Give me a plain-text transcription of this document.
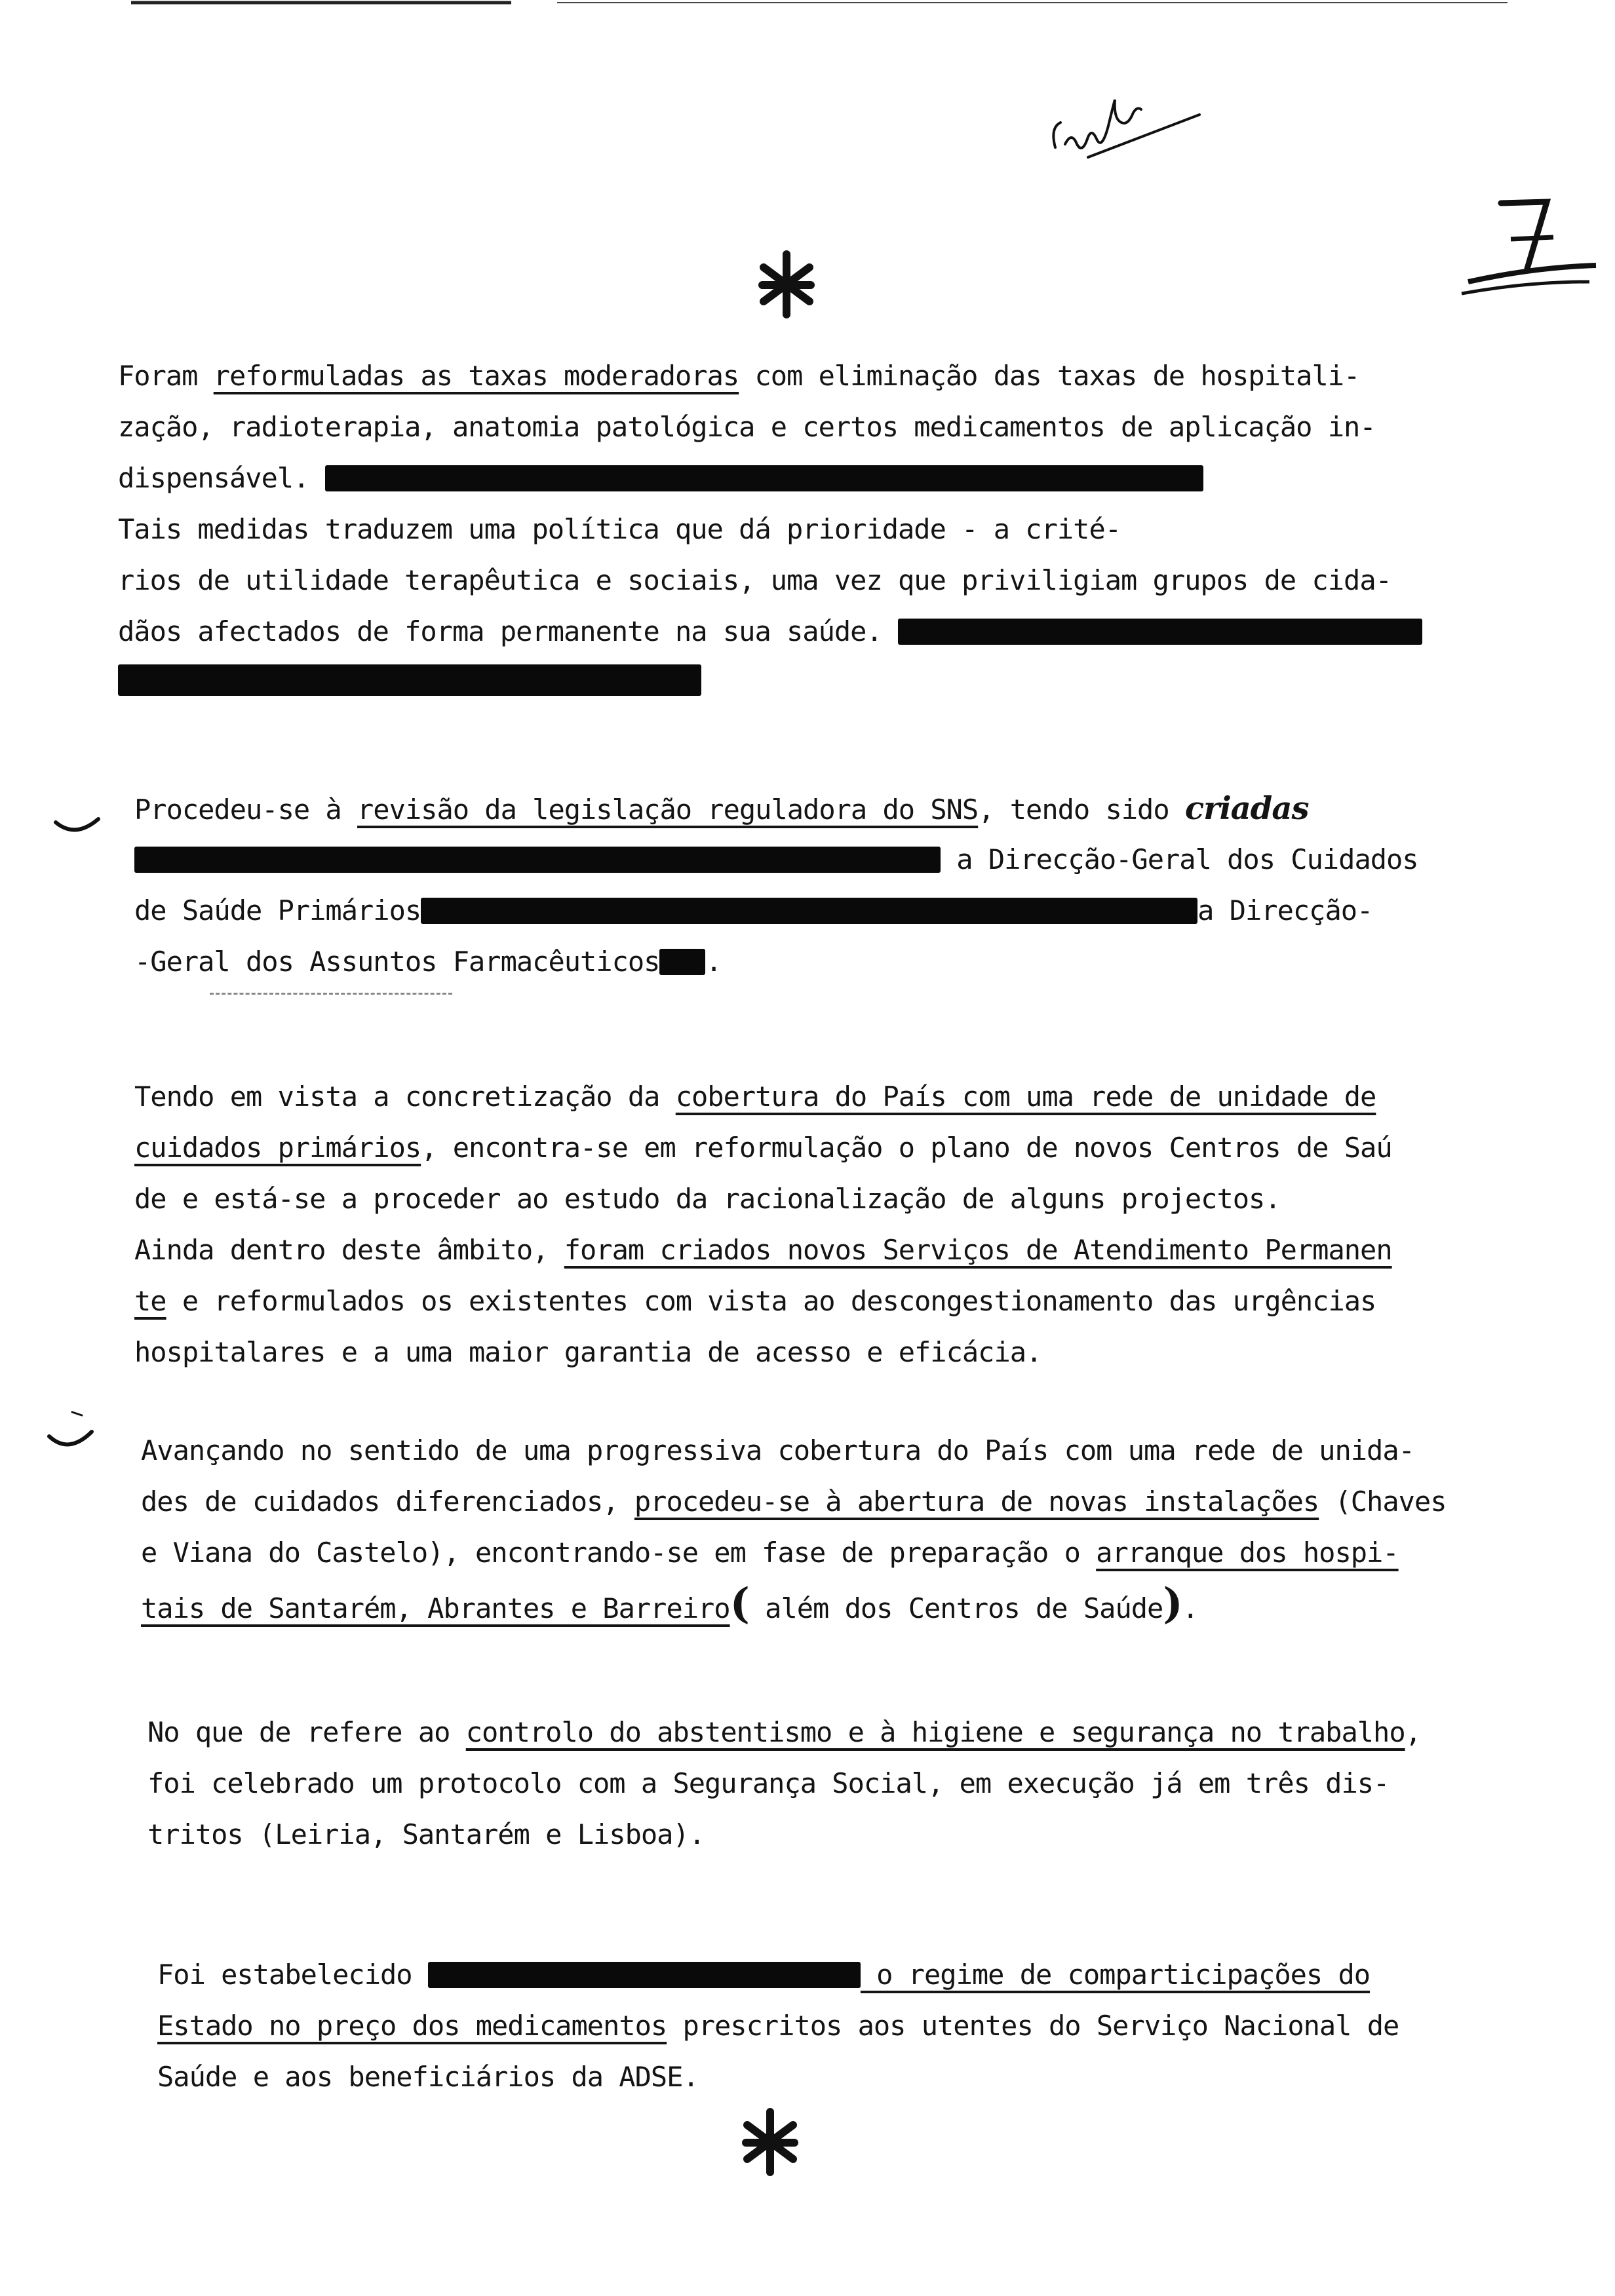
Foram reformuladas as taxas moderadoras com eliminação das taxas de hospitali-
zação, radioterapia, anatomia patológica e certos medicamentos de aplicação in-
dispensável.
Tais medidas traduzem uma política que dá prioridade - a crité-
rios de utilidade terapêutica e sociais, uma vez que priviligiam grupos de cida-
dãos afectados de forma permanente na sua saúde.
Procedeu-se à revisão da legislação reguladora do SNS, tendo sido criadas
a Direcção-Geral dos Cuidados
de Saúde Primários	a Direcção-
-Geral dos Assuntos Farmacêuticos .
Tendo em vista a concretização da cobertura do País com uma rede de unidade de
cuidados primários, encontra-se em reformulação o plano de novos Centros de Saú
de e está-se a proceder ao estudo da racionalização de alguns projectos.
Ainda dentro deste âmbito, foram criados novos Serviços de Atendimento Permanen
te e reformulados os existentes com vista ao descongestionamento das urgências
hospitalares e a uma maior garantia de acesso e eficácia.
Avançando no sentido de uma progressiva cobertura do País com uma rede de unida-
des de cuidados diferenciados, procedeu-se à abertura de novas instalações (Chaves
e Viana do Castelo), encontrando-se em fase de preparação o arranque dos hospi-
tais de Santarém, Abrantes e Barreiro( além dos Centros de Saúde).
No que de refere ao controlo do abstentismo e à higiene e segurança no trabalho,
foi celebrado um protocolo com a Segurança Social, em execução já em três dis-
tritos (Leiria, Santarém e Lisboa).
Foi estabelecido	o regime de comparticipações do
Estado no preço dos medicamentos prescritos aos utentes do Serviço Nacional de
Saúde e aos beneficiários da ADSE.
